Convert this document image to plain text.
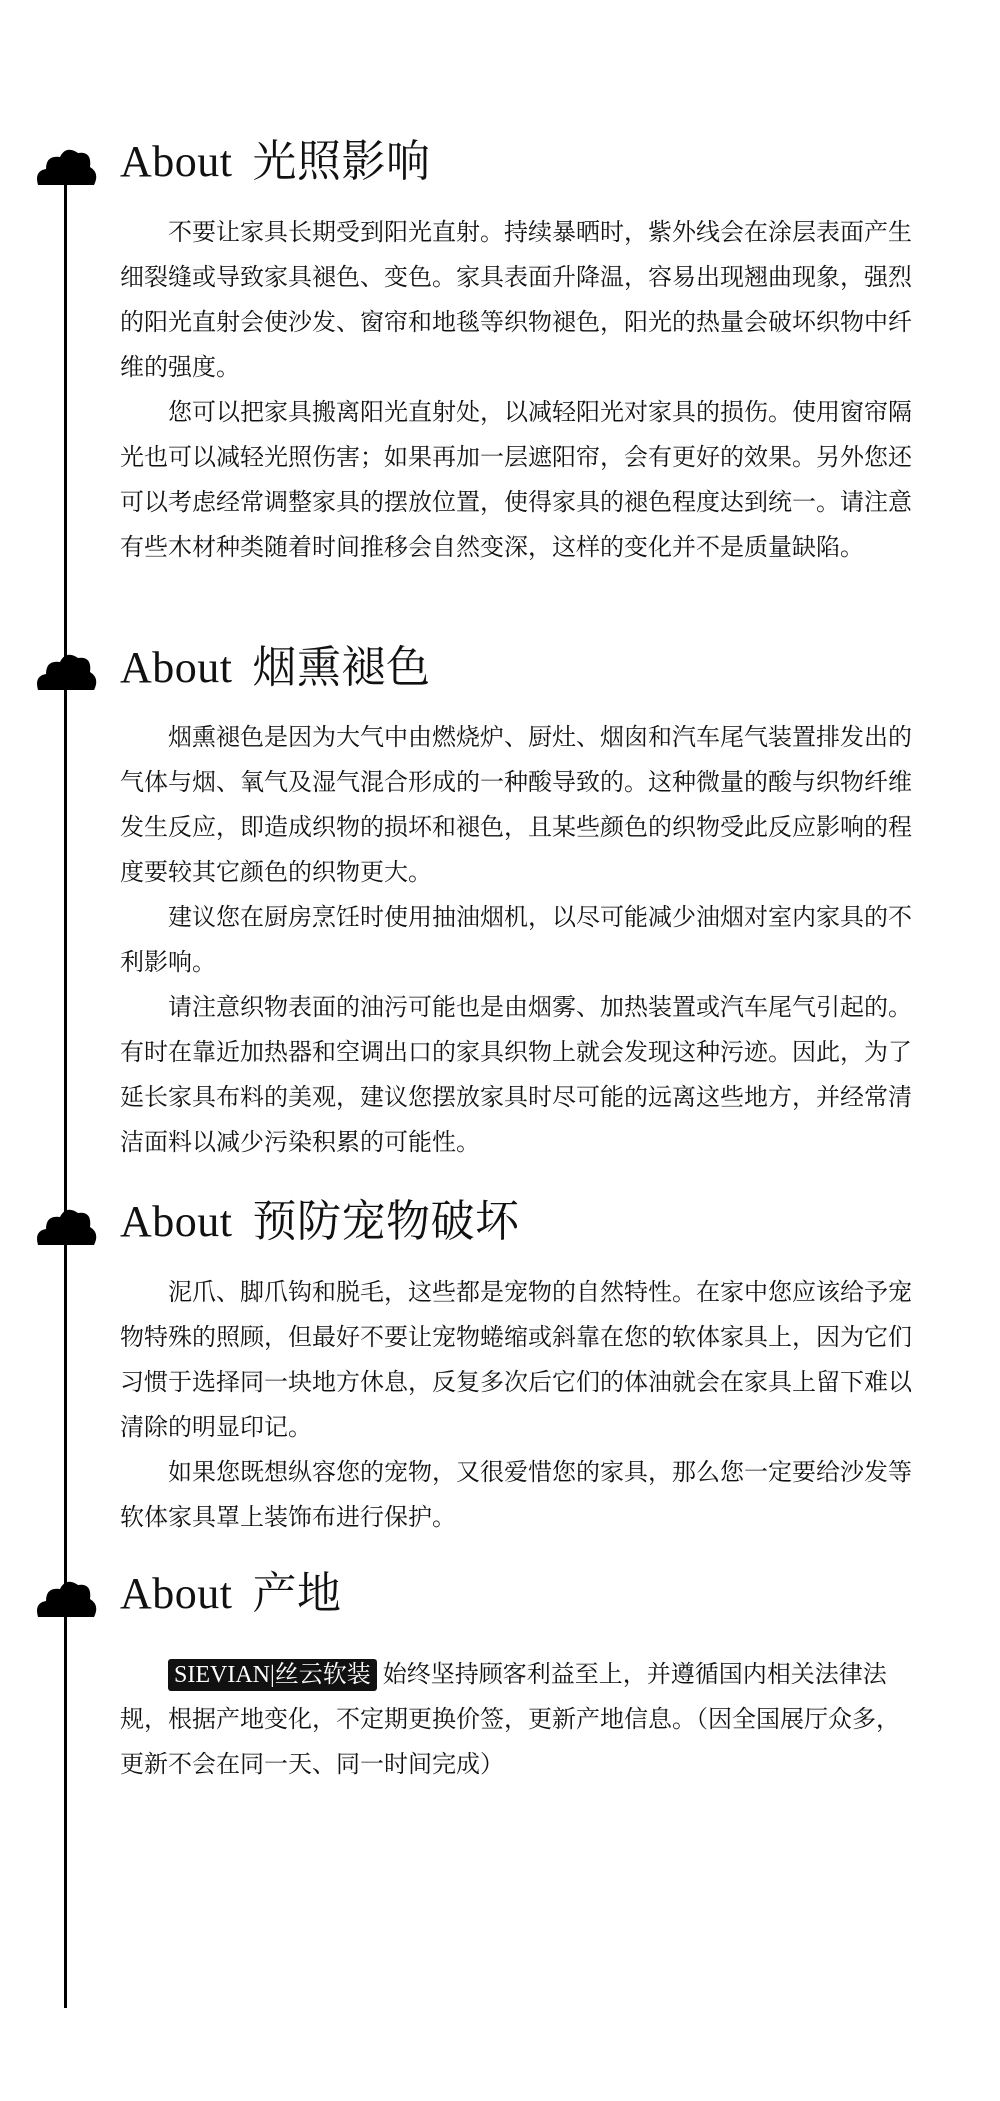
About 光照影响

不要让家具长期受到阳光直射。持续暴晒时，紫外线会在涂层表面产生细裂缝或导致家具褪色、变色。家具表面升降温，容易出现翘曲现象，强烈的阳光直射会使沙发、窗帘和地毯等织物褪色，阳光的热量会破坏织物中纤维的强度。

您可以把家具搬离阳光直射处，以减轻阳光对家具的损伤。使用窗帘隔光也可以减轻光照伤害；如果再加一层遮阳帘，会有更好的效果。另外您还可以考虑经常调整家具的摆放位置，使得家具的褪色程度达到统一。请注意有些木材种类随着时间推移会自然变深，这样的变化并不是质量缺陷。

About 烟熏褪色

烟熏褪色是因为大气中由燃烧炉、厨灶、烟囱和汽车尾气装置排发出的气体与烟、氧气及湿气混合形成的一种酸导致的。这种微量的酸与织物纤维发生反应，即造成织物的损坏和褪色，且某些颜色的织物受此反应影响的程度要较其它颜色的织物更大。

建议您在厨房烹饪时使用抽油烟机，以尽可能减少油烟对室内家具的不利影响。

请注意织物表面的油污可能也是由烟雾、加热装置或汽车尾气引起的。有时在靠近加热器和空调出口的家具织物上就会发现这种污迹。因此，为了延长家具布料的美观，建议您摆放家具时尽可能的远离这些地方，并经常清洁面料以减少污染积累的可能性。

About 预防宠物破坏

泥爪、脚爪钩和脱毛，这些都是宠物的自然特性。在家中您应该给予宠物特殊的照顾，但最好不要让宠物蜷缩或斜靠在您的软体家具上，因为它们习惯于选择同一块地方休息，反复多次后它们的体油就会在家具上留下难以清除的明显印记。

如果您既想纵容您的宠物，又很爱惜您的家具，那么您一定要给沙发等软体家具罩上装饰布进行保护。

About 产地

SIEVIAN|丝云软装 始终坚持顾客利益至上，并遵循国内相关法律法规，根据产地变化，不定期更换价签，更新产地信息。（因全国展厅众多，更新不会在同一天、同一时间完成）
